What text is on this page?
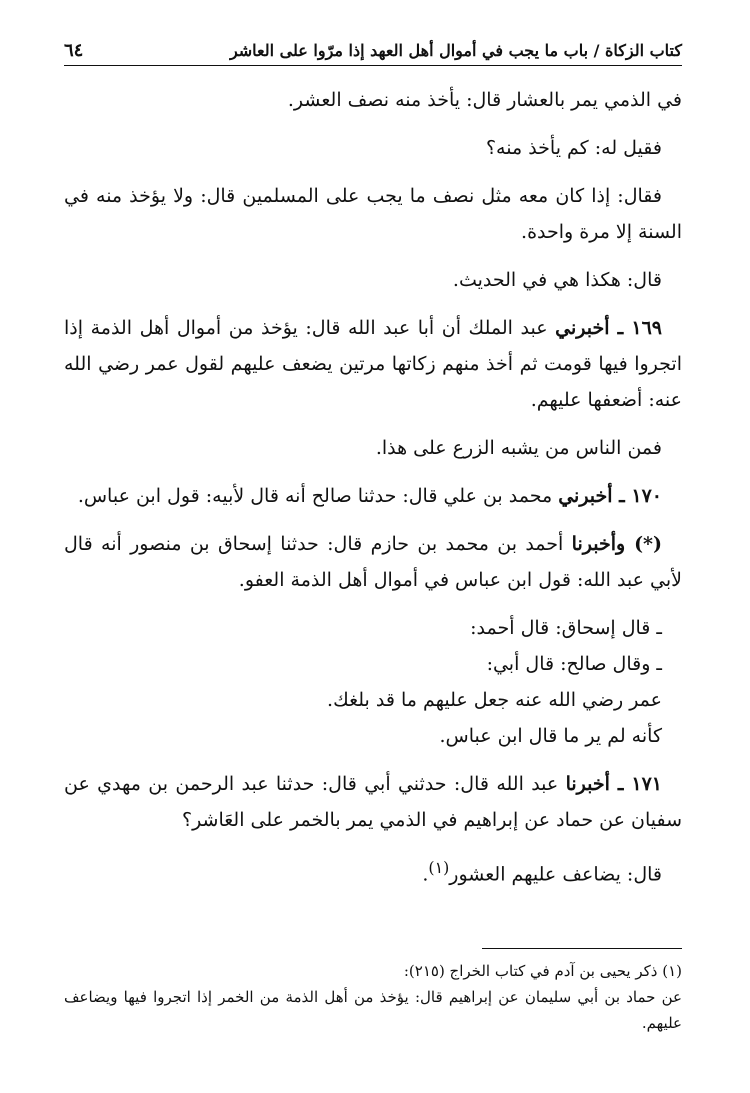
كتاب الزكاة / باب ما يجب في أموال أهل العهد إذا مرّوا على العاشر
٦٤

في الذمي يمر بالعشار قال: يأخذ منه نصف العشر.

فقيل له: كم يأخذ منه؟

فقال: إذا كان معه مثل نصف ما يجب على المسلمين قال: ولا يؤخذ منه في السنة إلا مرة واحدة.

قال: هكذا هي في الحديث.

١٦٩ ـ أخبرني عبد الملك أن أبا عبد الله قال: يؤخذ من أموال أهل الذمة إذا اتجروا فيها قومت ثم أخذ منهم زكاتها مرتين يضعف عليهم لقول عمر رضي الله عنه: أضعفها عليهم.

فمن الناس من يشبه الزرع على هذا.

١٧٠ ـ أخبرني محمد بن علي قال: حدثنا صالح أنه قال لأبيه: قول ابن عباس.

(*) وأخبرنا أحمد بن محمد بن حازم قال: حدثنا إسحاق بن منصور أنه قال لأبي عبد الله: قول ابن عباس في أموال أهل الذمة العفو.

ـ قال إسحاق: قال أحمد:

ـ وقال صالح: قال أبي:

عمر رضي الله عنه جعل عليهم ما قد بلغك.

كأنه لم ير ما قال ابن عباس.

١٧١ ـ أخبرنا عبد الله قال: حدثني أبي قال: حدثنا عبد الرحمن بن مهدي عن سفيان عن حماد عن إبراهيم في الذمي يمر بالخمر على العَاشر؟

قال: يضاعف عليهم العشور$^{(١)}$.

(١) ذكر يحيى بن آدم في كتاب الخراج (٢١٥):

عن حماد بن أبي سليمان عن إبراهيم قال: يؤخذ من أهل الذمة من الخمر إذا اتجروا فيها ويضاعف عليهم.
